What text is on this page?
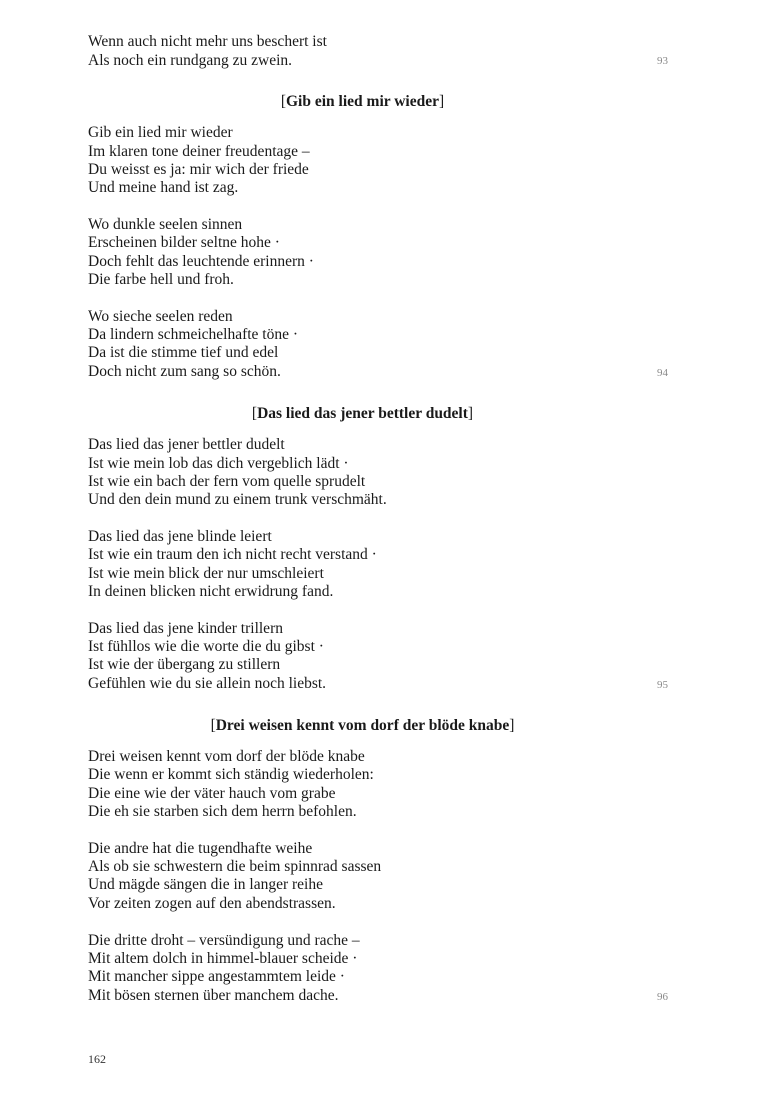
Wenn auch nicht mehr uns beschert ist
Als noch ein rundgang zu zwein.	93
[Gib ein lied mir wieder]
Gib ein lied mir wieder
Im klaren tone deiner freudentage –
Du weisst es ja: mir wich der friede
Und meine hand ist zag.
Wo dunkle seelen sinnen
Erscheinen bilder seltne hohe ·
Doch fehlt das leuchtende erinnern ·
Die farbe hell und froh.
Wo sieche seelen reden
Da lindern schmeichelhafte töne ·
Da ist die stimme tief und edel
Doch nicht zum sang so schön.	94
[Das lied das jener bettler dudelt]
Das lied das jener bettler dudelt
Ist wie mein lob das dich vergeblich lädt ·
Ist wie ein bach der fern vom quelle sprudelt
Und den dein mund zu einem trunk verschmäht.
Das lied das jene blinde leiert
Ist wie ein traum den ich nicht recht verstand ·
Ist wie mein blick der nur umschleiert
In deinen blicken nicht erwidrung fand.
Das lied das jene kinder trillern
Ist fühllos wie die worte die du gibst ·
Ist wie der übergang zu stillern
Gefühlen wie du sie allein noch liebst.	95
[Drei weisen kennt vom dorf der blöde knabe]
Drei weisen kennt vom dorf der blöde knabe
Die wenn er kommt sich ständig wiederholen:
Die eine wie der väter hauch vom grabe
Die eh sie starben sich dem herrn befohlen.
Die andre hat die tugendhafte weihe
Als ob sie schwestern die beim spinnrad sassen
Und mägde sängen die in langer reihe
Vor zeiten zogen auf den abendstrassen.
Die dritte droht – versündigung und rache –
Mit altem dolch in himmel-blauer scheide ·
Mit mancher sippe angestammtem leide ·
Mit bösen sternen über manchem dache.	96
162
